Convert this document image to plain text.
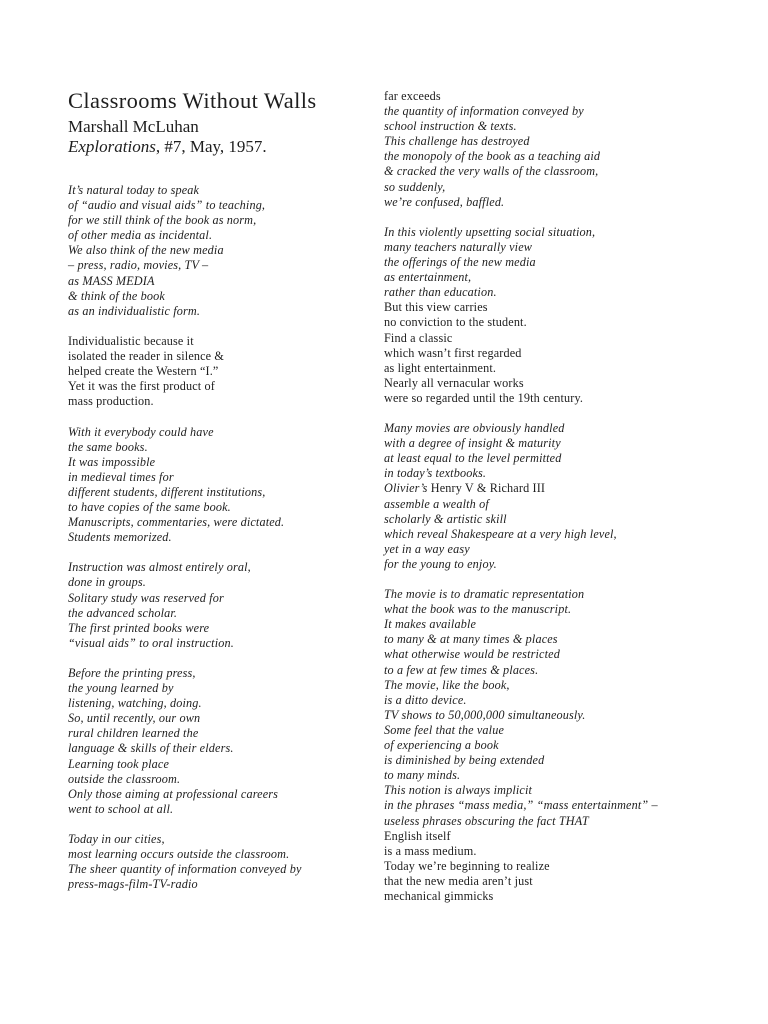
Classrooms Without Walls
Marshall McLuhan
Explorations, #7, May, 1957.
It’s natural today to speak
of “audio and visual aids” to teaching,
for we still think of the book as norm,
of other media as incidental.
We also think of the new media
– press, radio, movies, TV –
as MASS MEDIA
& think of the book
as an individualistic form.
Individualistic because it
isolated the reader in silence &
helped create the Western “I.”
Yet it was the first product of
mass production.
With it everybody could have
the same books.
It was impossible
in medieval times for
different students, different institutions,
to have copies of the same book.
Manuscripts, commentaries, were dictated.
Students memorized.
Instruction was almost entirely oral,
done in groups.
Solitary study was reserved for
the advanced scholar.
The first printed books were
“visual aids” to oral instruction.
Before the printing press,
the young learned by
listening, watching, doing.
So, until recently, our own
rural children learned the
language & skills of their elders.
Learning took place
outside the classroom.
Only those aiming at professional careers
went to school at all.
Today in our cities,
most learning occurs outside the classroom.
The sheer quantity of information conveyed by
press-mags-film-TV-radio
far exceeds
the quantity of information conveyed by
school instruction & texts.
This challenge has destroyed
the monopoly of the book as a teaching aid
& cracked the very walls of the classroom,
so suddenly,
we’re confused, baffled.
In this violently upsetting social situation,
many teachers naturally view
the offerings of the new media
as entertainment,
rather than education.
But this view carries
no conviction to the student.
Find a classic
which wasn’t first regarded
as light entertainment.
Nearly all vernacular works
were so regarded until the 19th century.
Many movies are obviously handled
with a degree of insight & maturity
at least equal to the level permitted
in today’s textbooks.
Olivier’s Henry V & Richard III
assemble a wealth of
scholarly & artistic skill
which reveal Shakespeare at a very high level,
yet in a way easy
for the young to enjoy.
The movie is to dramatic representation
what the book was to the manuscript.
It makes available
to many & at many times & places
what otherwise would be restricted
to a few at few times & places.
The movie, like the book,
is a ditto device.
TV shows to 50,000,000 simultaneously.
Some feel that the value
of experiencing a book
is diminished by being extended
to many minds.
This notion is always implicit
in the phrases “mass media,” “mass entertainment” –
useless phrases obscuring the fact THAT
English itself
is a mass medium.
Today we’re beginning to realize
that the new media aren’t just
mechanical gimmicks
